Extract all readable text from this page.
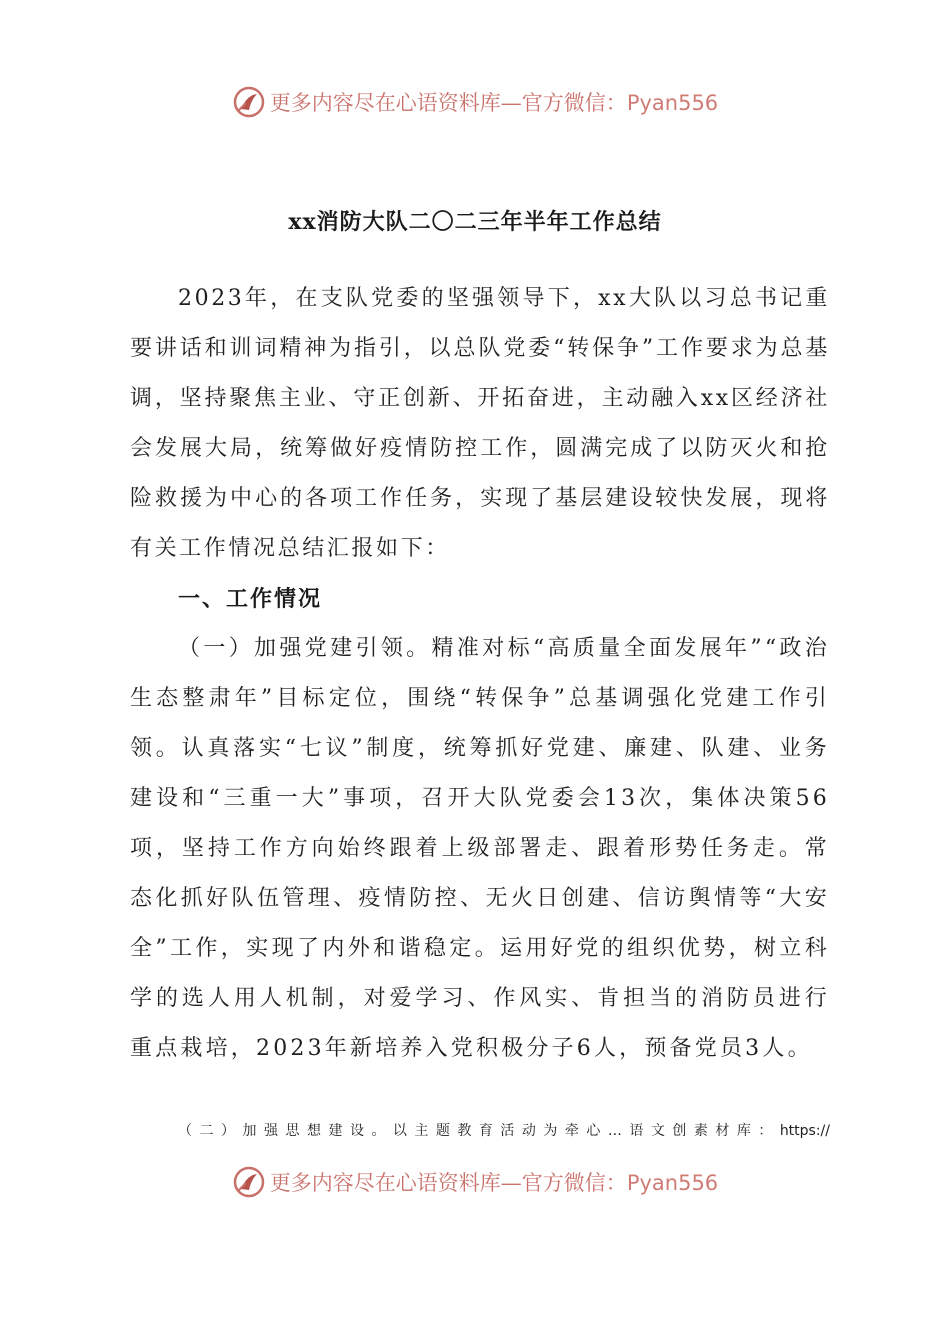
更多内容尽在心语资料库—官方微信：Pyan556
xx消防大队二〇二三年半年工作总结
2023年，在支队党委的坚强领导下，xx大队以习总书记重要讲话和训词精神为指引，以总队党委“转保争”工作要求为总基调，坚持聚焦主业、守正创新、开拓奋进，主动融入xx区经济社会发展大局，统筹做好疫情防控工作，圆满完成了以防灭火和抢险救援为中心的各项工作任务，实现了基层建设较快发展，现将有关工作情况总结汇报如下：
一、工作情况
（一）加强党建引领。精准对标“高质量全面发展年”“政治生态整肃年”目标定位，围绕“转保争”总基调强化党建工作引领。认真落实“七议”制度，统筹抓好党建、廉建、队建、业务建设和“三重一大”事项，召开大队党委会13次，集体决策56项，坚持工作方向始终跟着上级部署走、跟着形势任务走。常态化抓好队伍管理、疫情防控、无火日创建、信访舆情等“大安全”工作，实现了内外和谐稳定。运用好党的组织优势，树立科学的选人用人机制，对爱学习、作风实、肯担当的消防员进行重点栽培，2023年新培养入党积极分子6人，预备党员3人。
（二）加强思想建设。以主题教育活动为牵心…语文创素材库：https://
更多内容尽在心语资料库—官方微信：Pyan556
